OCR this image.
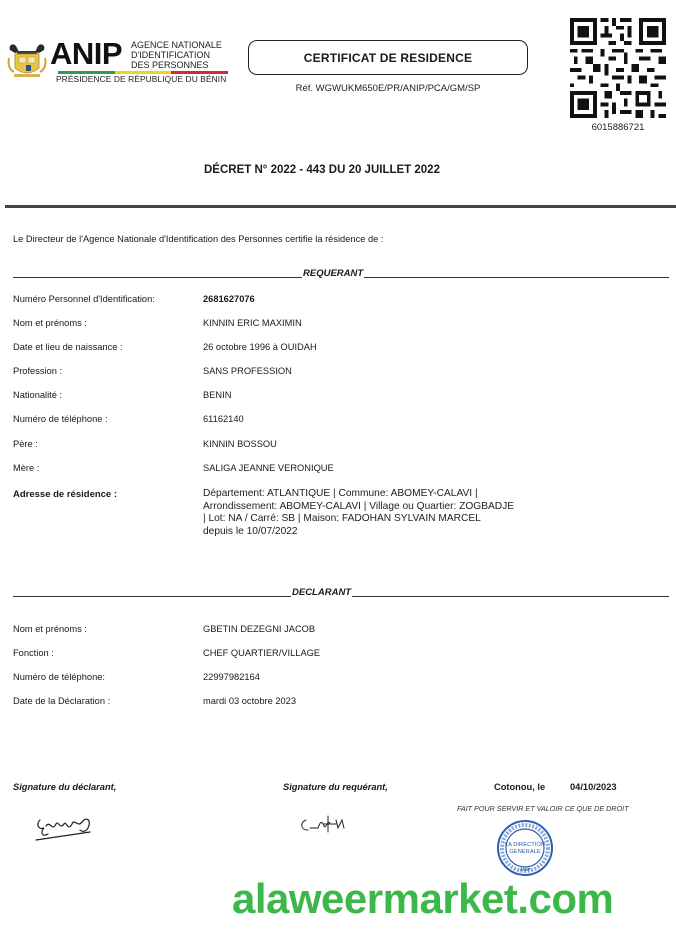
ANIP AGENCE NATIONALE
D'IDENTIFICATION
DES PERSONNES
PRÉSIDENCE DE RÉPUBLIQUE DU BÉNIN
CERTIFICAT DE RESIDENCE
Réf. WGWUKM650E/PR/ANIP/PCA/GM/SP
6015886721
DÉCRET N° 2022 - 443 DU 20 JUILLET 2022
Le Directeur de l'Agence Nationale d'Identification des Personnes certifie la résidence de :
REQUERANT
Numéro Personnel d'Identification:	2681627076
Nom et prénoms :	KINNIN ERIC MAXIMIN
Date et lieu de naissance :	26 octobre 1996 à OUIDAH
Profession :	SANS PROFESSION
Nationalité :	BENIN
Numéro de téléphone :	61162140
Père :	KINNIN BOSSOU
Mère :	SALIGA JEANNE VERONIQUE
Adresse de résidence :	Département: ATLANTIQUE | Commune: ABOMEY-CALAVI |
Arrondissement: ABOMEY-CALAVI | Village ou Quartier: ZOGBADJE
| Lot: NA / Carré: SB | Maison: FADOHAN SYLVAIN MARCEL
depuis le 10/07/2022
DECLARANT
Nom et prénoms :	GBETIN DEZEGNI JACOB
Fonction :	CHEF QUARTIER/VILLAGE
Numéro de téléphone:	22997982164
Date de la Déclaration :	mardi 03 octobre 2023
Signature du déclarant,	Signature du requérant,	Cotonou, le	04/10/2023
FAIT POUR SERVIR ET VALOIR CE QUE DE DROIT
LA DIRECTION
GENERALE
ANIP
alaweermarket.com
